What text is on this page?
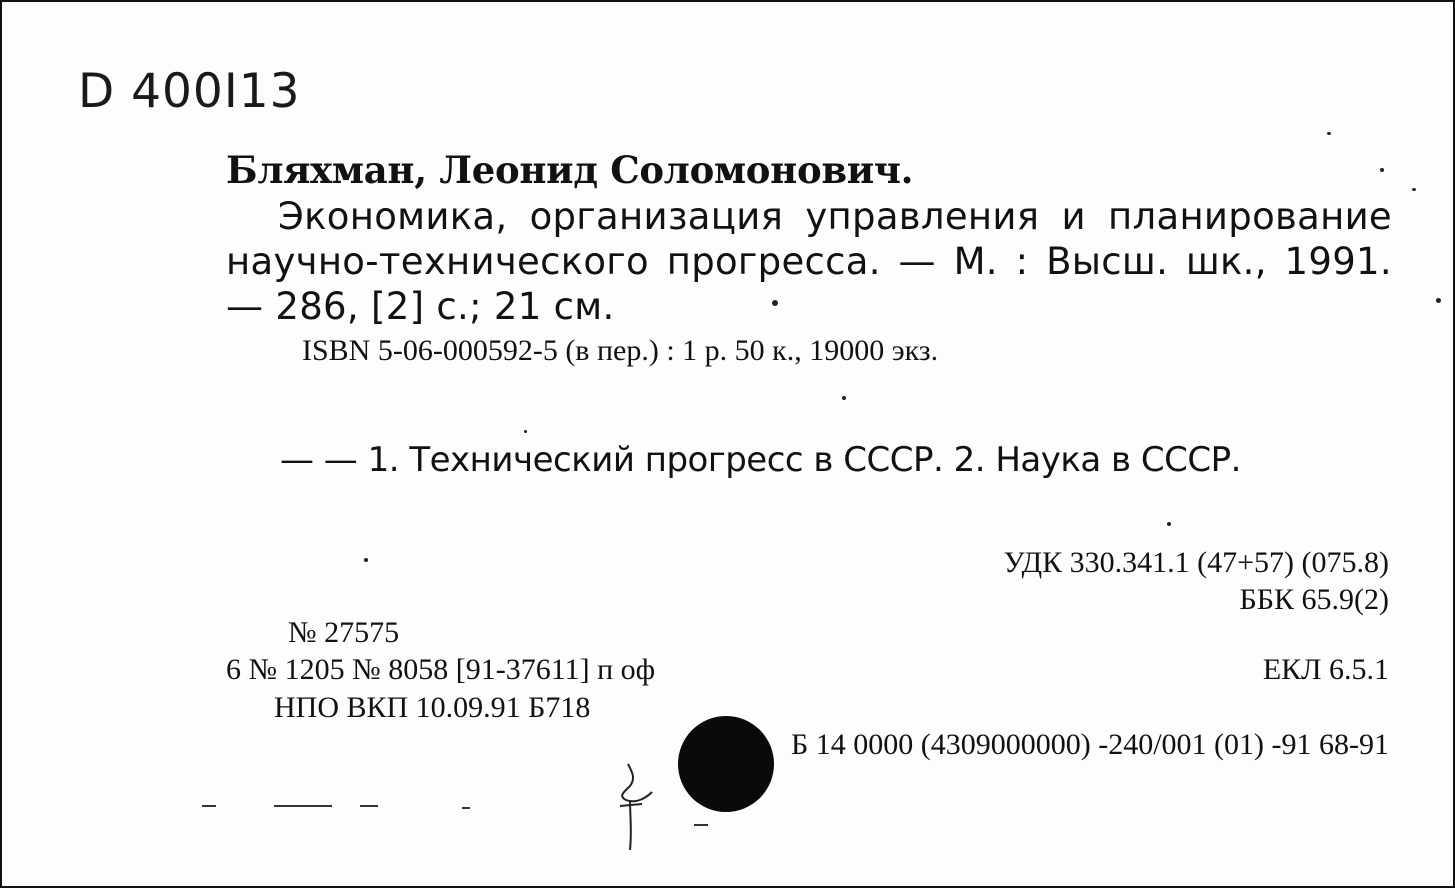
D 400I13
Бляхман, Леонид Соломонович.
Экономика, организация управления и планирование
научно-технического прогресса. — М. : Высш. шк., 1991.
— 286, [2] с.; 21 см.
ISBN 5-06-000592-5 (в пер.) : 1 р. 50 к., 19000 экз.
— — 1. Технический прогресс в СССР. 2. Наука в СССР.
УДК 330.341.1 (47+57) (075.8)
ББК 65.9(2)
№ 27575
6 № 1205 № 8058 [91-37611] п оф	ЕКЛ 6.5.1
НПО ВКП 10.09.91 Б718
Б 14 0000 (4309000000) -240/001 (01) -91 68-91
